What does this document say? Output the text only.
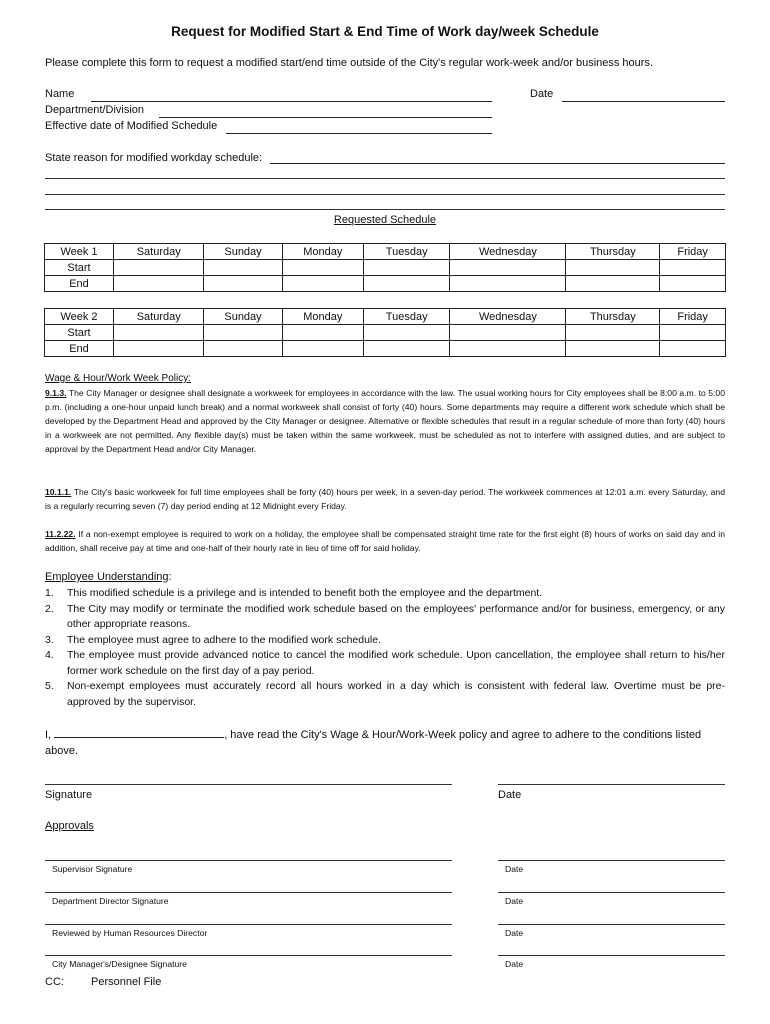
Request for Modified Start & End Time of Work day/week Schedule
Please complete this form to request a modified start/end time outside of the City's regular work-week and/or business hours.
Name	Date
Department/Division
Effective date of Modified Schedule
State reason for modified workday schedule:
Requested Schedule
Week 1	Saturday	Sunday	Monday	Tuesday	Wednesday	Thursday	Friday
Start							
End							
Week 2	Saturday	Sunday	Monday	Tuesday	Wednesday	Thursday	Friday
Start							
End							
Wage & Hour/Work Week Policy:
9.1.3. The City Manager or designee shall designate a workweek for employees in accordance with the law. The usual working hours for City employees shall be 8:00 a.m. to 5:00 p.m. (including a one-hour unpaid lunch break) and a normal workweek shall consist of forty (40) hours. Some departments may require a different work schedule which shall be developed by the Department Head and approved by the City Manager or designee. Alternative or flexible schedules that result in a regular schedule of more than forty (40) hours in a workweek are not permitted. Any flexible day(s) must be taken within the same workweek, must be scheduled as not to interfere with assigned duties, and are subject to approval by the Department Head and/or City Manager.
10.1.1. The City's basic workweek for full time employees shall be forty (40) hours per week, in a seven-day period. The workweek commences at 12:01 a.m. every Saturday, and is a regularly recurring seven (7) day period ending at 12 Midnight every Friday.
11.2.22. If a non-exempt employee is required to work on a holiday, the employee shall be compensated straight time rate for the first eight (8) hours of works on said day and in addition, shall receive pay at time and one-half of their hourly rate in lieu of time off for said holiday.
Employee Understanding:
1.	This modified schedule is a privilege and is intended to benefit both the employee and the department.
2.	The City may modify or terminate the modified work schedule based on the employees' performance and/or for business, emergency, or any other appropriate reasons.
3.	The employee must agree to adhere to the modified work schedule.
4.	The employee must provide advanced notice to cancel the modified work schedule. Upon cancellation, the employee shall return to his/her former work schedule on the first day of a pay period.
5.	Non-exempt employees must accurately record all hours worked in a day which is consistent with federal law. Overtime must be pre-approved by the supervisor.
I,	, have read the City's Wage & Hour/Work-Week policy and agree to adhere to the conditions listed above.
Signature	Date
Approvals
Supervisor Signature	Date
Department Director Signature	Date
Reviewed by Human Resources Director	Date
City Manager's/Designee Signature	Date
CC: Personnel File
